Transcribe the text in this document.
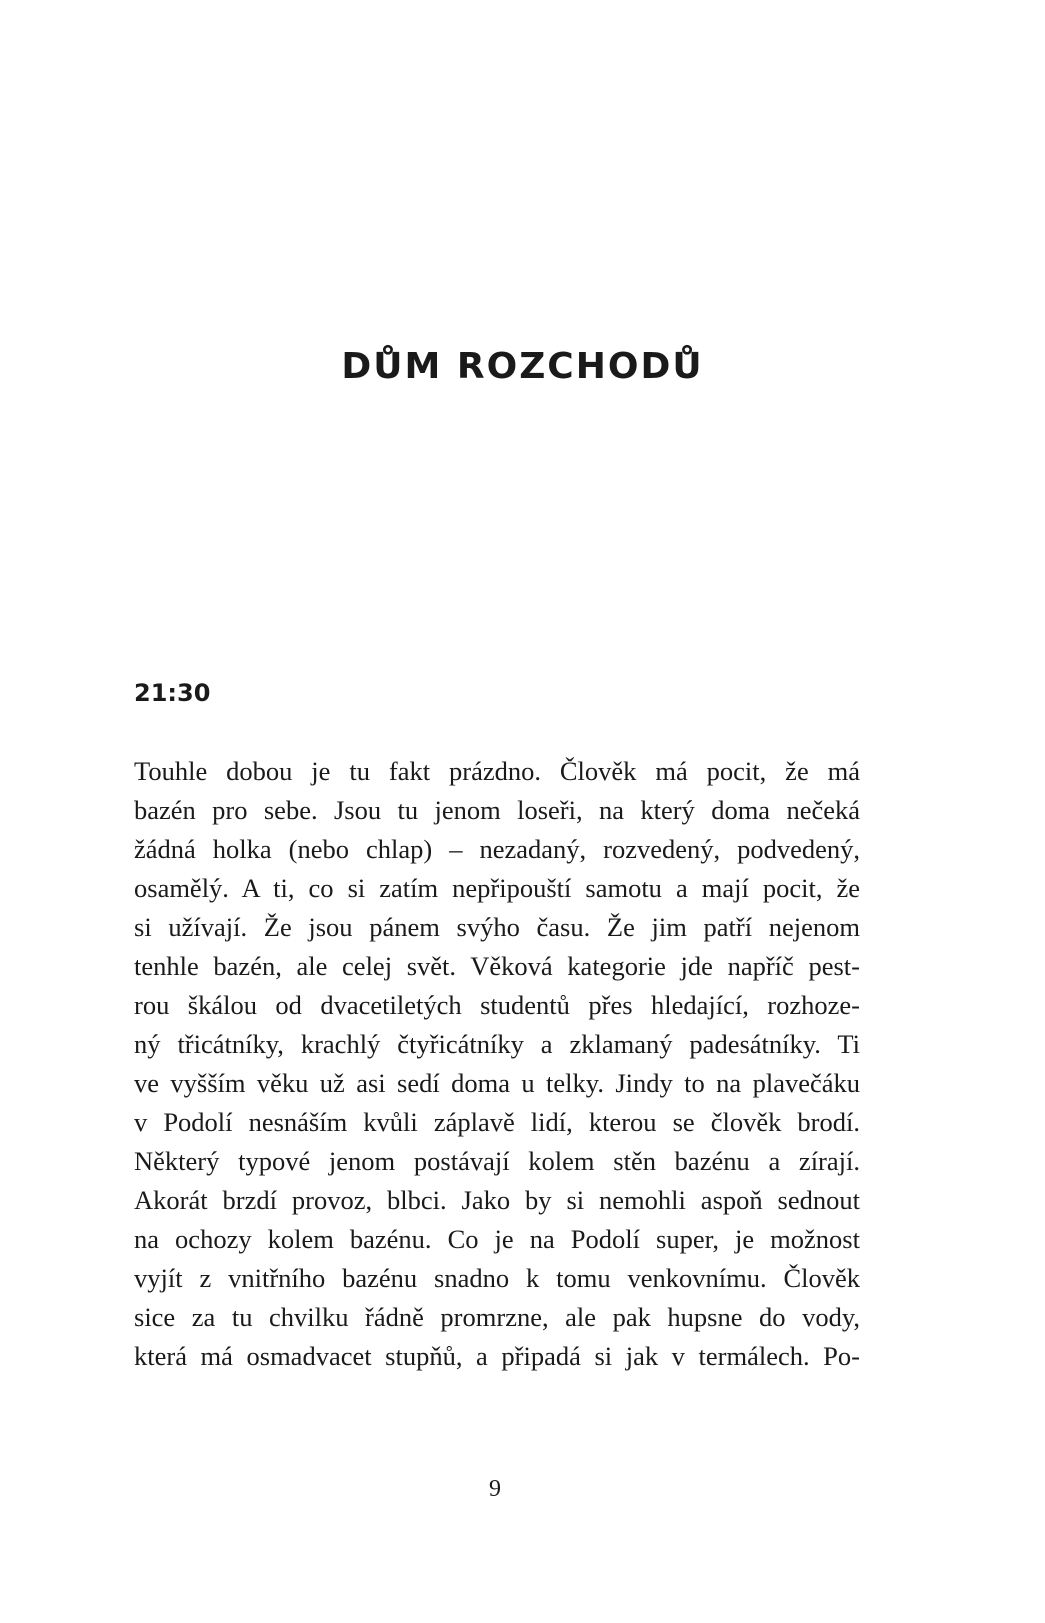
DŮM ROZCHODŮ
21:30
Touhle dobou je tu fakt prázdno. Člověk má pocit, že má
bazén pro sebe. Jsou tu jenom loseři, na který doma nečeká
žádná holka (nebo chlap) – nezadaný, rozvedený, podvedený,
osamělý. A ti, co si zatím nepřipouští samotu a mají pocit, že
si užívají. Že jsou pánem svýho času. Že jim patří nejenom
tenhle bazén, ale celej svět. Věková kategorie jde napříč pest-
rou škálou od dvacetiletých studentů přes hledající, rozhoze-
ný třicátníky, krachlý čtyřicátníky a zklamaný padesátníky. Ti
ve vyšším věku už asi sedí doma u telky. Jindy to na plavečáku
v Podolí nesnáším kvůli záplavě lidí, kterou se člověk brodí.
Některý typové jenom postávají kolem stěn bazénu a zírají.
Akorát brzdí provoz, blbci. Jako by si nemohli aspoň sednout
na ochozy kolem bazénu. Co je na Podolí super, je možnost
vyjít z vnitřního bazénu snadno k tomu venkovnímu. Člověk
sice za tu chvilku řádně promrzne, ale pak hupsne do vody,
která má osmadvacet stupňů, a připadá si jak v termálech. Po-
9
